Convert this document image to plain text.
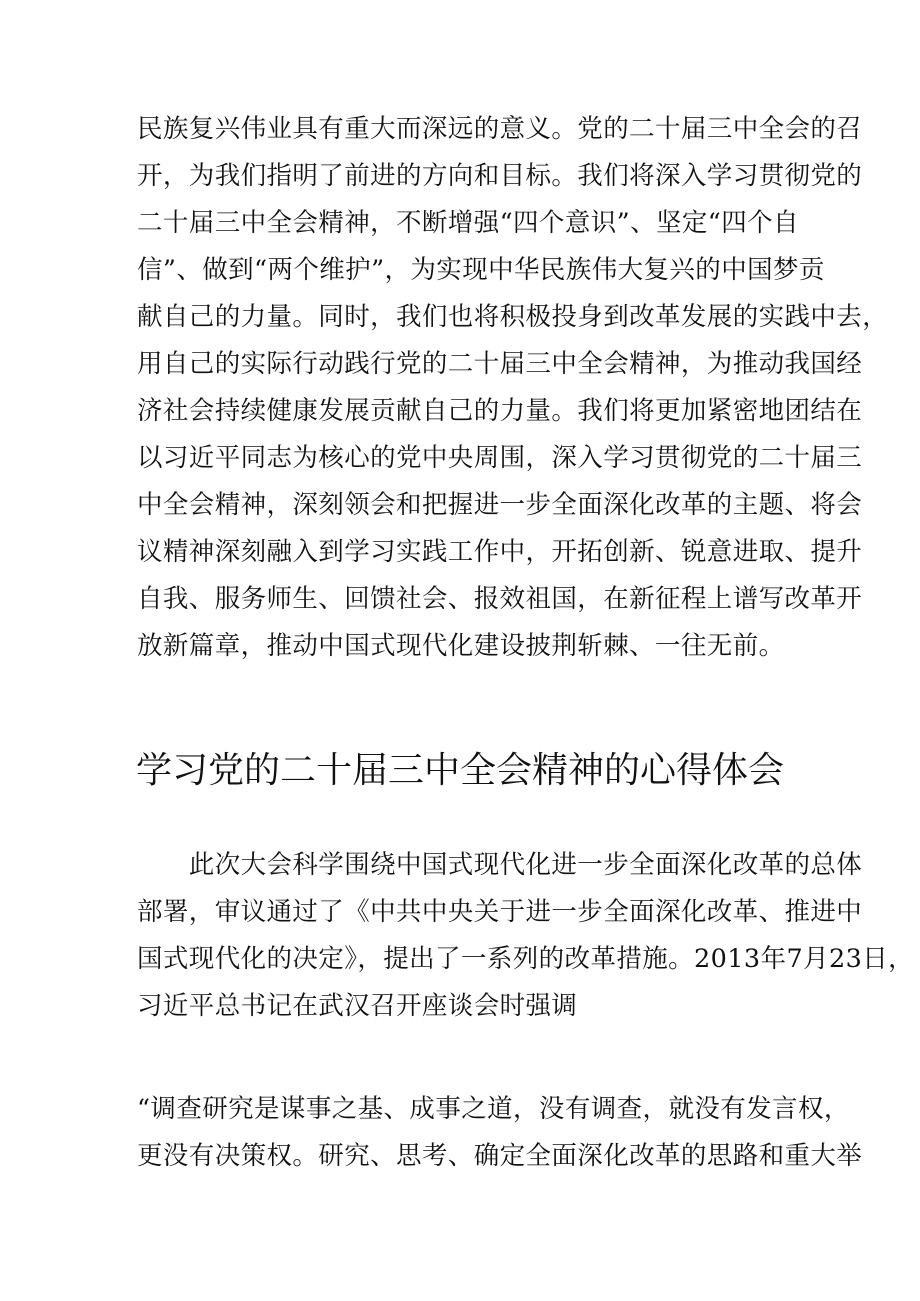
民族复兴伟业具有重大而深远的意义。党的二十届三中全会的召
开，为我们指明了前进的方向和目标。我们将深入学习贯彻党的
二十届三中全会精神，不断增强“四个意识”、坚定“四个自
信”、做到“两个维护”，为实现中华民族伟大复兴的中国梦贡
献自己的力量。同时，我们也将积极投身到改革发展的实践中去，
用自己的实际行动践行党的二十届三中全会精神，为推动我国经
济社会持续健康发展贡献自己的力量。我们将更加紧密地团结在
以习近平同志为核心的党中央周围，深入学习贯彻党的二十届三
中全会精神，深刻领会和把握进一步全面深化改革的主题、将会
议精神深刻融入到学习实践工作中，开拓创新、锐意进取、提升
自我、服务师生、回馈社会、报效祖国，在新征程上谱写改革开
放新篇章，推动中国式现代化建设披荆斩棘、一往无前。
学习党的二十届三中全会精神的心得体会
　　此次大会科学围绕中国式现代化进一步全面深化改革的总体
部署，审议通过了《中共中央关于进一步全面深化改革、推进中
国式现代化的决定》，提出了一系列的改革措施。2013年7月23日，
习近平总书记在武汉召开座谈会时强调
“调查研究是谋事之基、成事之道，没有调查，就没有发言权，
更没有决策权。研究、思考、确定全面深化改革的思路和重大举
